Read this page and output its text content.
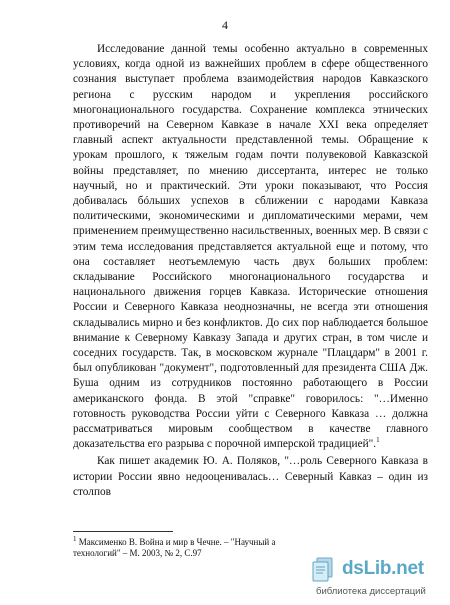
4

Исследование данной темы особенно актуально в современных условиях, когда одной из важнейших проблем в сфере общественного сознания выступает проблема взаимодействия народов Кавказского региона с русским народом и укрепления российского многонационального государства. Сохранение комплекса этнических противоречий на Северном Кавказе в начале XXI века определяет главный аспект актуальности представленной темы. Обращение к урокам прошлого, к тяжелым годам почти полувековой Кавказской войны представляет, по мнению диссертанта, интерес не только научный, но и практический. Эти уроки показывают, что Россия добивалась бóльших успехов в сближении с народами Кавказа политическими, экономическими и дипломатическими мерами, чем применением преимущественно насильственных, военных мер. В связи с этим тема исследования представляется актуальной еще и потому, что она составляет неотъемлемую часть двух больших проблем: складывание Российского многонационального государства и национального движения горцев Кавказа. Исторические отношения России и Северного Кавказа неоднозначны, не всегда эти отношения складывались мирно и без конфликтов. До сих пор наблюдается большое внимание к Северному Кавказу Запада и других стран, в том числе и соседних государств. Так, в московском журнале "Плацдарм" в 2001 г. был опубликован "документ", подготовленный для президента США Дж. Буша одним из сотрудников постоянно работающего в России американского фонда. В этой "справке" говорилось: "…Именно готовность руководства России уйти с Северного Кавказа … должна рассматриваться мировым сообществом в качестве главного доказательства его разрыва с порочной имперской традицией".$^1$

Как пишет академик Ю. А. Поляков, "…роль Северного Кавказа в истории России явно недооценивалась… Северный Кавказ – один из столпов

$^1$ Максименко В. Война и мир в Чечне. – "Научный а технологий" – М. 2003, № 2, С.97
dsLib.net
библиотека диссертаций
